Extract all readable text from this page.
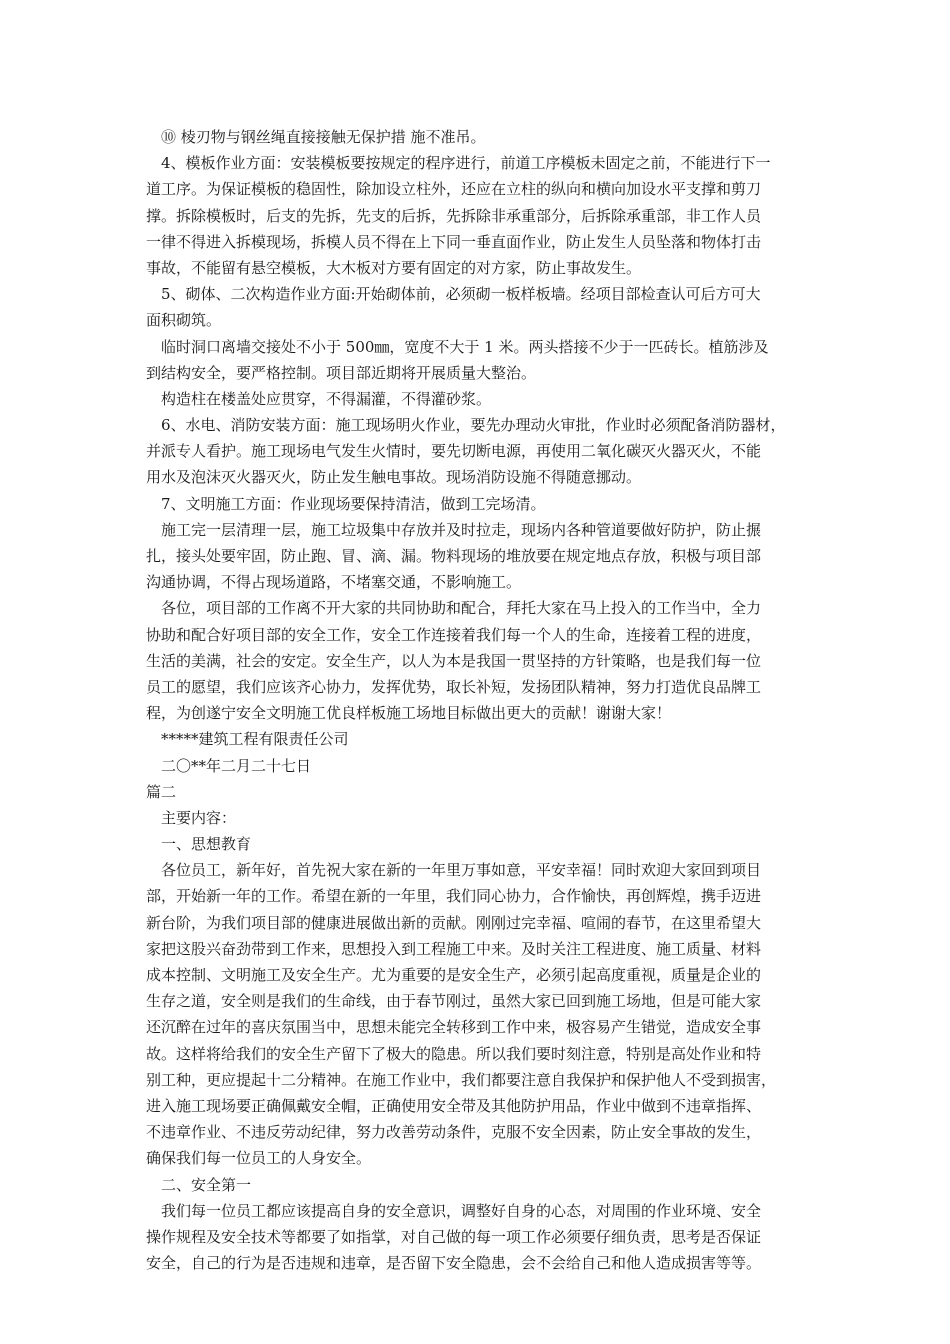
⑩ 棱刃物与钢丝绳直接接触无保护措 施不准吊。
4、模板作业方面：安装模板要按规定的程序进行，前道工序模板未固定之前，不能进行下一
道工序。为保证模板的稳固性，除加设立柱外，还应在立柱的纵向和横向加设水平支撑和剪刀
撑。拆除模板时，后支的先拆，先支的后拆，先拆除非承重部分，后拆除承重部，非工作人员
一律不得进入拆模现场，拆模人员不得在上下同一垂直面作业，防止发生人员坠落和物体打击
事故，不能留有悬空模板，大木板对方要有固定的对方家，防止事故发生。
5、砌体、二次构造作业方面:开始砌体前，必须砌一板样板墙。经项目部检查认可后方可大
面积砌筑。
临时洞口离墙交接处不小于 500㎜，宽度不大于 1 米。两头搭接不少于一匹砖长。植筋涉及
到结构安全，要严格控制。项目部近期将开展质量大整治。
构造柱在楼盖处应贯穿，不得漏灌，不得灌砂浆。
6、水电、消防安装方面：施工现场明火作业，要先办理动火审批，作业时必须配备消防器材，
并派专人看护。施工现场电气发生火情时，要先切断电源，再使用二氧化碳灭火器灭火，不能
用水及泡沫灭火器灭火，防止发生触电事故。现场消防设施不得随意挪动。
7、文明施工方面：作业现场要保持清洁，做到工完场清。
施工完一层清理一层，施工垃圾集中存放并及时拉走，现场内各种管道要做好防护，防止搌
扎，接头处要牢固，防止跑、冒、滴、漏。物料现场的堆放要在规定地点存放，积极与项目部
沟通协调，不得占现场道路，不堵塞交通，不影响施工。
各位，项目部的工作离不开大家的共同协助和配合，拜托大家在马上投入的工作当中，全力
协助和配合好项目部的安全工作，安全工作连接着我们每一个人的生命，连接着工程的进度，
生活的美满，社会的安定。安全生产，以人为本是我国一贯坚持的方针策略，也是我们每一位
员工的愿望，我们应该齐心协力，发挥优势，取长补短，发扬团队精神，努力打造优良品牌工
程，为创遂宁安全文明施工优良样板施工场地目标做出更大的贡献！谢谢大家！
*****建筑工程有限责任公司
二〇**年二月二十七日
篇二
主要内容：
一、思想教育
各位员工，新年好，首先祝大家在新的一年里万事如意，平安幸福！同时欢迎大家回到项目
部，开始新一年的工作。希望在新的一年里，我们同心协力，合作愉快，再创辉煌，携手迈进
新台阶，为我们项目部的健康进展做出新的贡献。刚刚过完幸福、喧闹的春节，在这里希望大
家把这股兴奋劲带到工作来，思想投入到工程施工中来。及时关注工程进度、施工质量、材料
成本控制、文明施工及安全生产。尤为重要的是安全生产，必须引起高度重视，质量是企业的
生存之道，安全则是我们的生命线，由于春节刚过，虽然大家已回到施工场地，但是可能大家
还沉醉在过年的喜庆氛围当中，思想未能完全转移到工作中来，极容易产生错觉，造成安全事
故。这样将给我们的安全生产留下了极大的隐患。所以我们要时刻注意，特别是高处作业和特
别工种，更应提起十二分精神。在施工作业中，我们都要注意自我保护和保护他人不受到损害，
进入施工现场要正确佩戴安全帽，正确使用安全带及其他防护用品，作业中做到不违章指挥、
不违章作业、不违反劳动纪律，努力改善劳动条件，克服不安全因素，防止安全事故的发生，
确保我们每一位员工的人身安全。
二、安全第一
我们每一位员工都应该提高自身的安全意识，调整好自身的心态，对周围的作业环境、安全
操作规程及安全技术等都要了如指掌，对自己做的每一项工作必须要仔细负责，思考是否保证
安全，自己的行为是否违规和违章，是否留下安全隐患，会不会给自己和他人造成损害等等。
